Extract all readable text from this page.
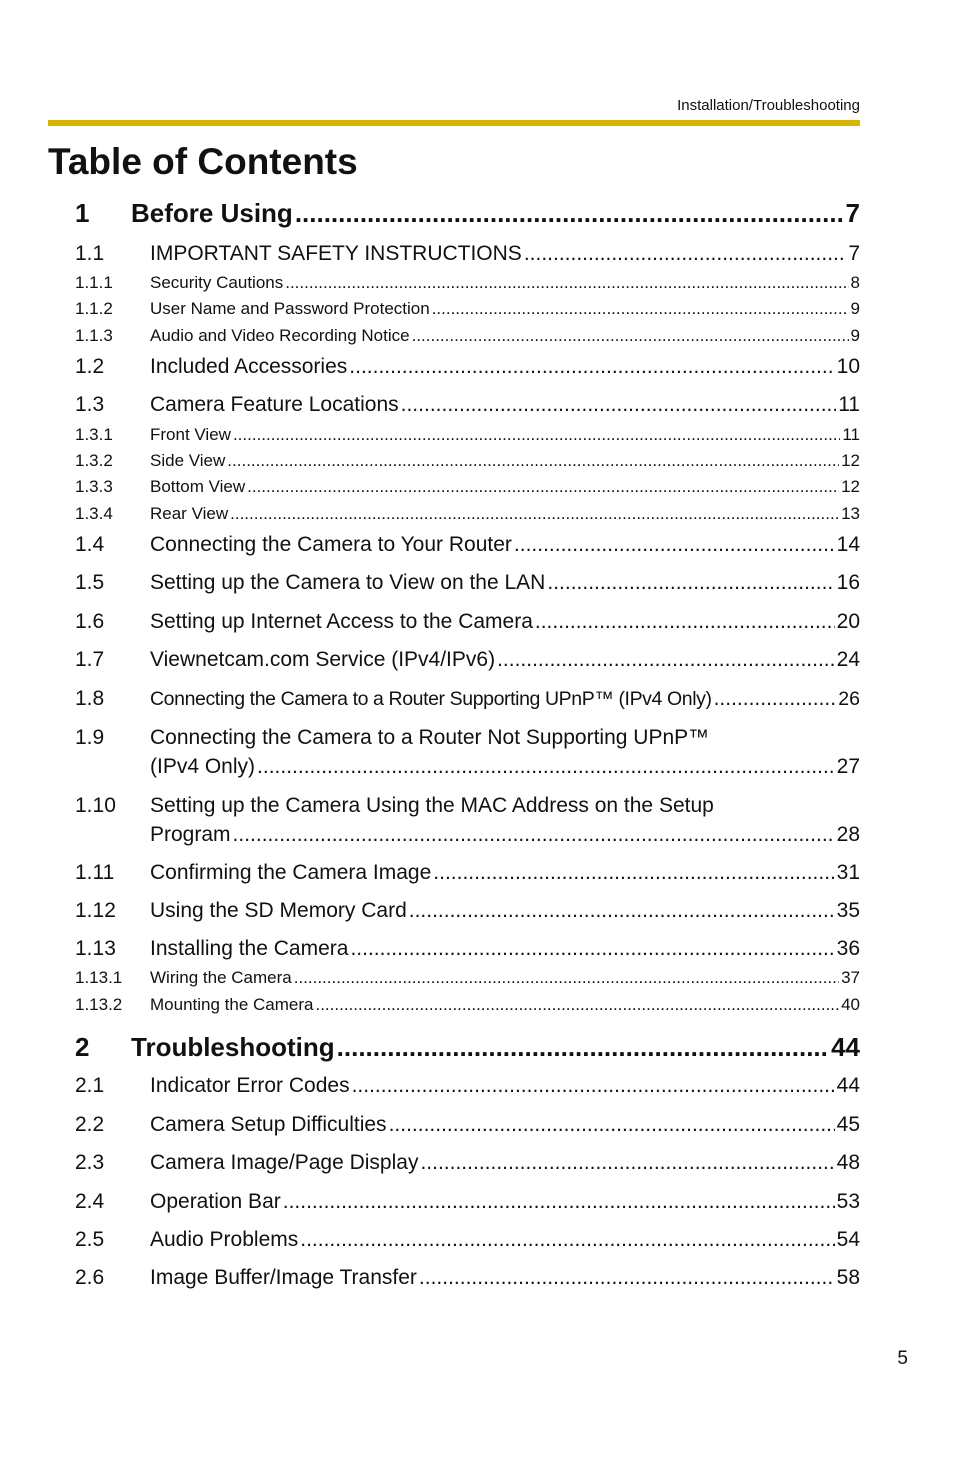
Installation/Troubleshooting
Table of Contents
1	Before Using .....	7
1.1	IMPORTANT SAFETY INSTRUCTIONS .....	7
1.1.1	Security Cautions .....	8
1.1.2	User Name and Password Protection .....	9
1.1.3	Audio and Video Recording Notice .....	9
1.2	Included Accessories .....	10
1.3	Camera Feature Locations .....	11
1.3.1	Front View .....	11
1.3.2	Side View .....	12
1.3.3	Bottom View .....	12
1.3.4	Rear View .....	13
1.4	Connecting the Camera to Your Router .....	14
1.5	Setting up the Camera to View on the LAN .....	16
1.6	Setting up Internet Access to the Camera .....	20
1.7	Viewnetcam.com Service (IPv4/IPv6) .....	24
1.8	Connecting the Camera to a Router Supporting UPnP™ (IPv4 Only) .....	26
1.9 Connecting the Camera to a Router Not Supporting UPnP™
(IPv4 Only) .....	27
1.10 Setting up the Camera Using the MAC Address on the Setup
Program .....	28
1.11	Confirming the Camera Image .....	31
1.12	Using the SD Memory Card .....	35
1.13	Installing the Camera .....	36
1.13.1	Wiring the Camera .....	37
1.13.2	Mounting the Camera .....	40
2	Troubleshooting .....	44
2.1	Indicator Error Codes .....	44
2.2	Camera Setup Difficulties .....	45
2.3	Camera Image/Page Display .....	48
2.4	Operation Bar .....	53
2.5	Audio Problems .....	54
2.6	Image Buffer/Image Transfer .....	58
5
